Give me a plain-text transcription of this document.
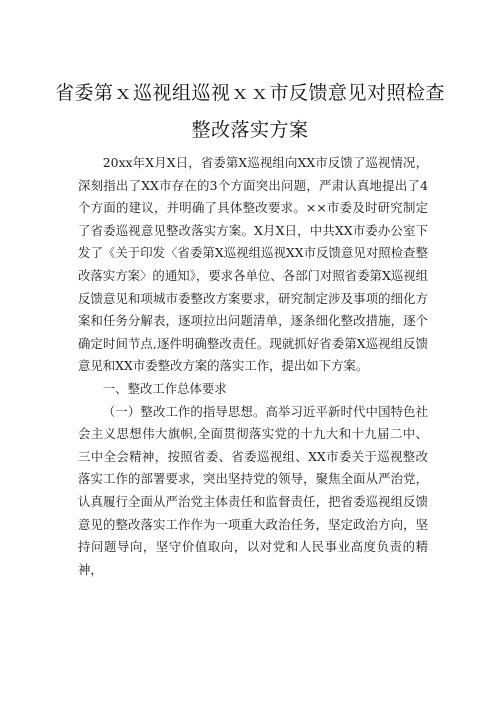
省委第ｘ巡视组巡视ｘｘ市反馈意见对照检查
整改落实方案

20xx年X月X日，省委第X巡视组向XX市反馈了巡视情况，深刻指出了XX市存在的3个方面突出问题，严肃认真地提出了4个方面的建议，并明确了具体整改要求。××市委及时研究制定了省委巡视意见整改落实方案。X月X日，中共XX市委办公室下发了《关于印发〈省委第X巡视组巡视XX市反馈意见对照检查整改落实方案〉的通知》，要求各单位、各部门对照省委第X巡视组反馈意见和项城市委整改方案要求，研究制定涉及事项的细化方案和任务分解表，逐项拉出问题清单，逐条细化整改措施，逐个确定时间节点,逐件明确整改责任。现就抓好省委第X巡视组反馈意见和XX市委整改方案的落实工作，提出如下方案。

一、整改工作总体要求

（一）整改工作的指导思想。高举习近平新时代中国特色社会主义思想伟大旗帜,全面贯彻落实党的十九大和十九届二中、三中全会精神，按照省委、省委巡视组、XX市委关于巡视整改落实工作的部署要求，突出坚持党的领导，聚焦全面从严治党，认真履行全面从严治党主体责任和监督责任，把省委巡视组反馈意见的整改落实工作作为一项重大政治任务，坚定政治方向，坚持问题导向，坚守价值取向，以对党和人民事业高度负责的精神，
